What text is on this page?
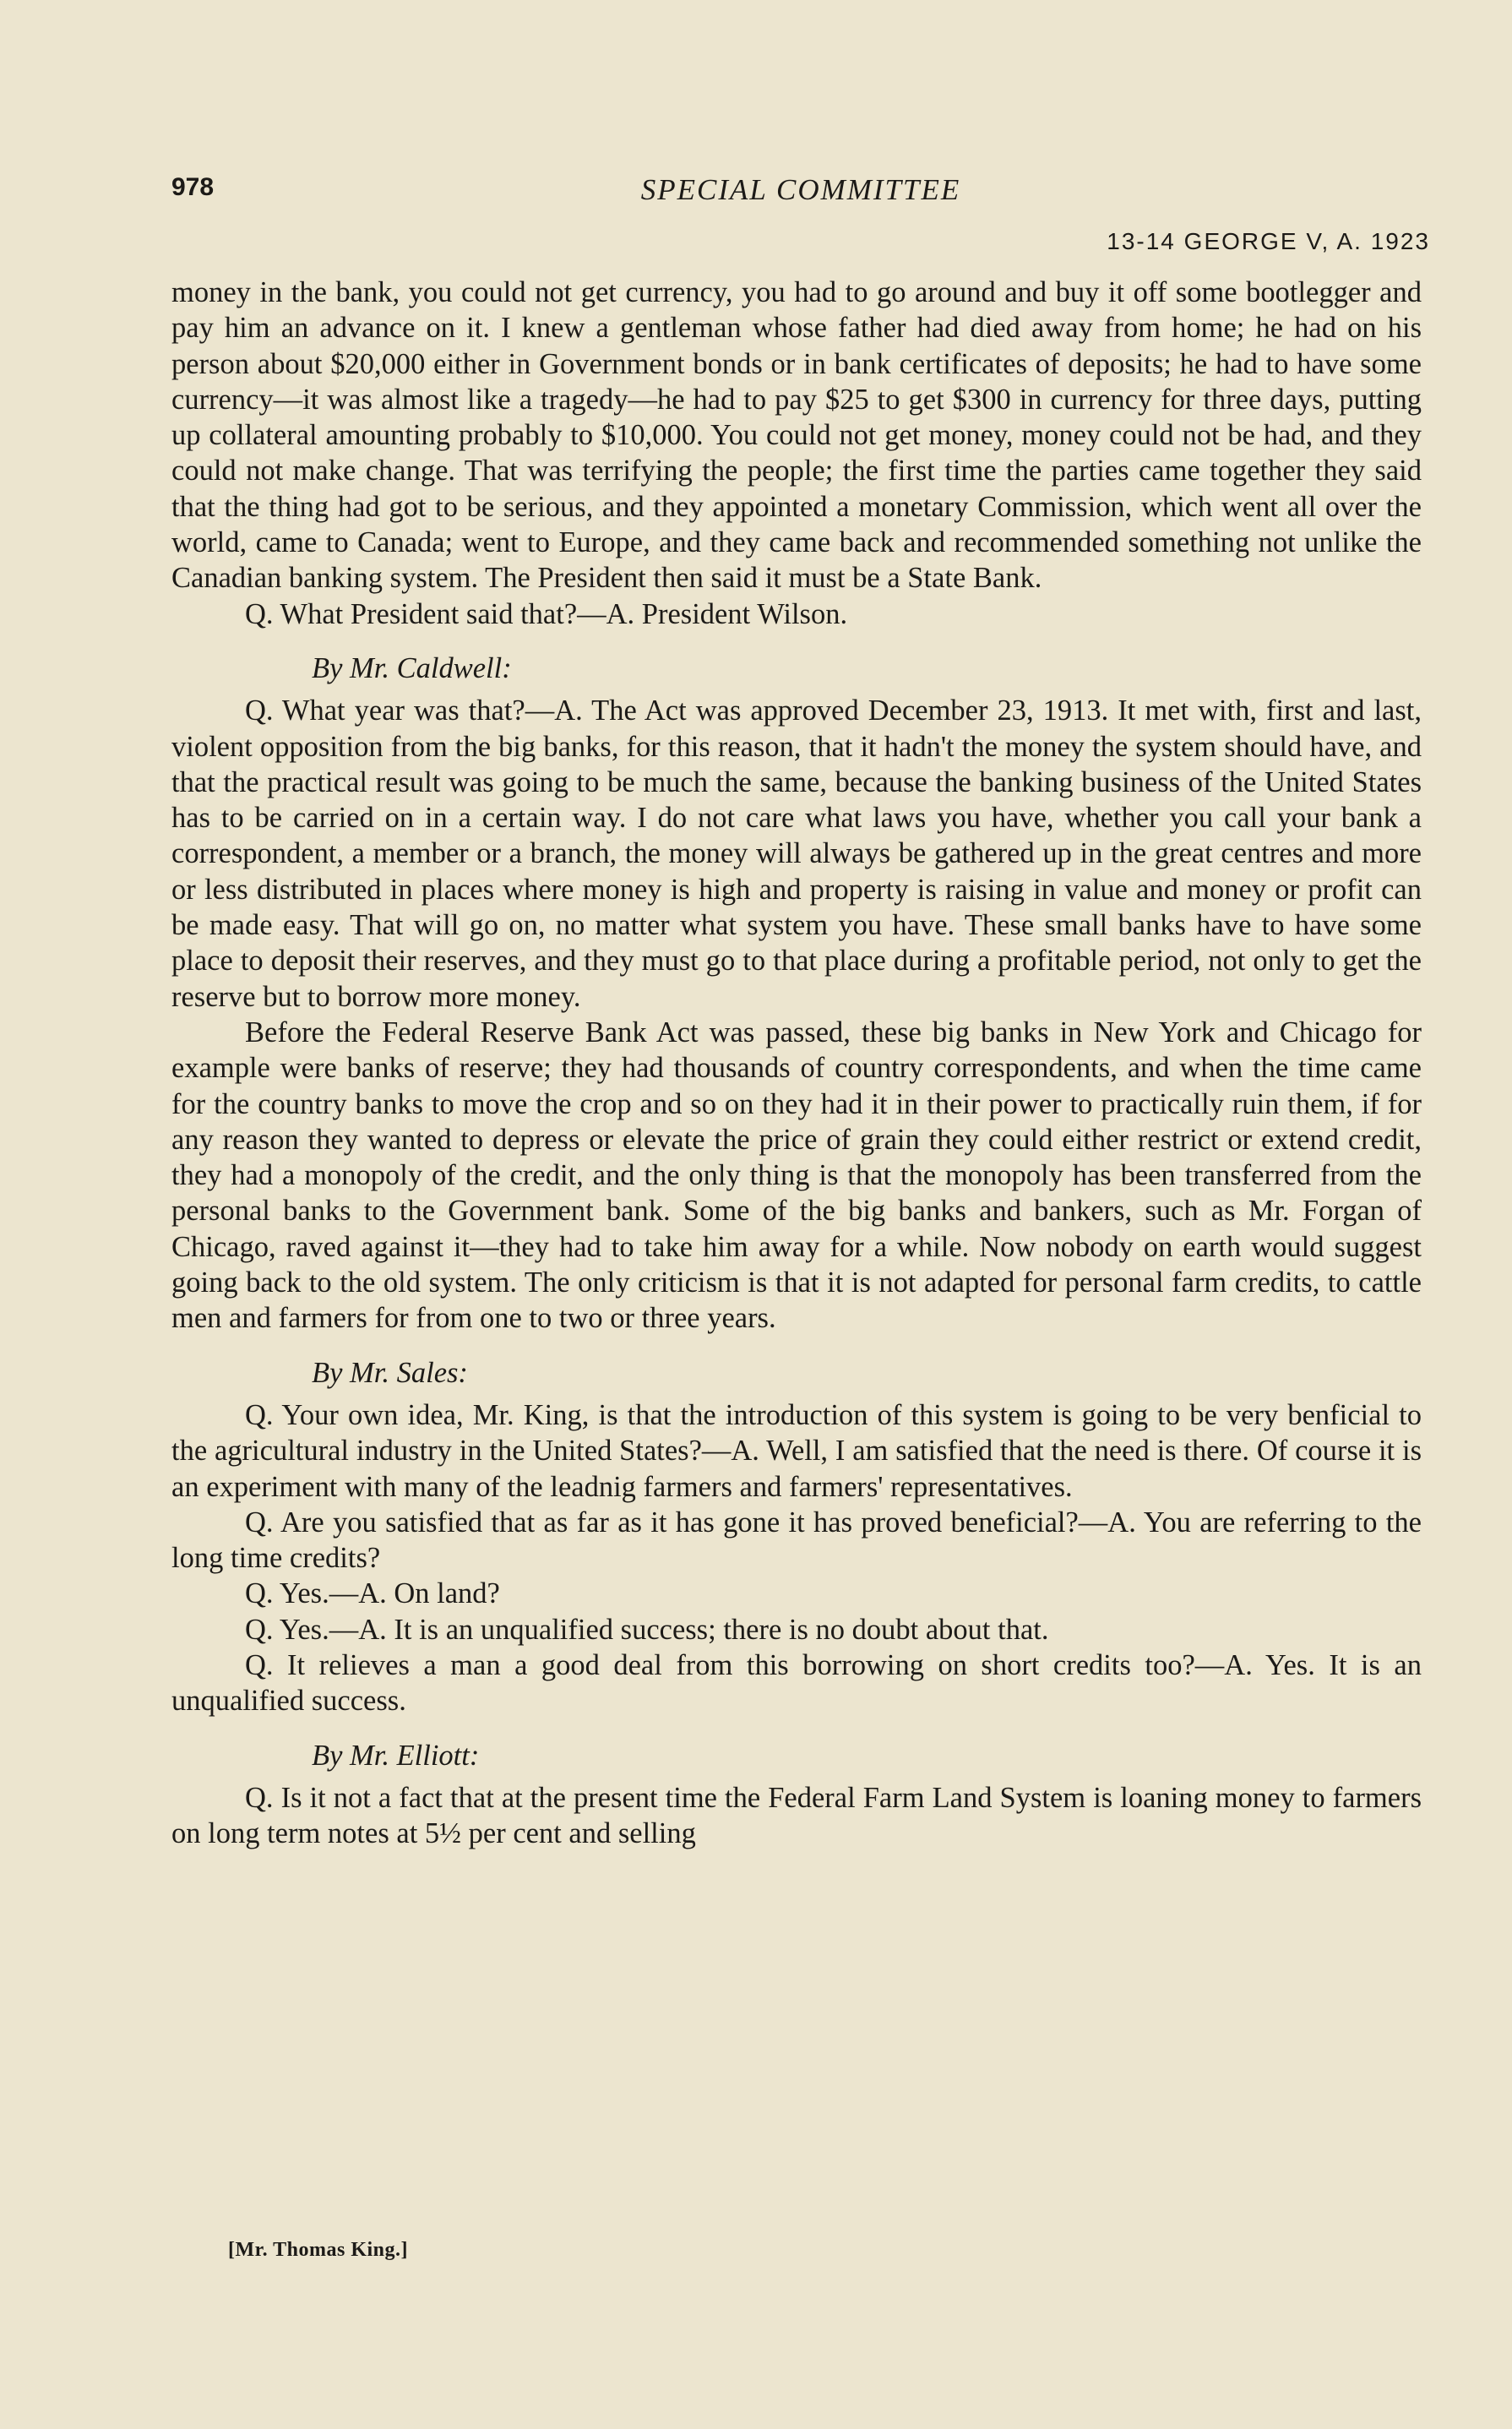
978	SPECIAL COMMITTEE
13-14 GEORGE V, A. 1923

money in the bank, you could not get currency, you had to go around and buy it off some bootlegger and pay him an advance on it. I knew a gentleman whose father had died away from home; he had on his person about $20,000 either in Government bonds or in bank certificates of deposits; he had to have some currency—it was almost like a tragedy—he had to pay $25 to get $300 in currency for three days, putting up collateral amounting probably to $10,000. You could not get money, money could not be had, and they could not make change. That was terrifying the people; the first time the parties came together they said that the thing had got to be serious, and they appointed a monetary Commission, which went all over the world, came to Canada; went to Europe, and they came back and recommended something not unlike the Canadian banking system. The President then said it must be a State Bank.

Q. What President said that?—A. President Wilson.

By Mr. Caldwell:

Q. What year was that?—A. The Act was approved December 23, 1913. It met with, first and last, violent opposition from the big banks, for this reason, that it hadn't the money the system should have, and that the practical result was going to be much the same, because the banking business of the United States has to be carried on in a certain way. I do not care what laws you have, whether you call your bank a correspondent, a member or a branch, the money will always be gathered up in the great centres and more or less distributed in places where money is high and property is raising in value and money or profit can be made easy. That will go on, no matter what system you have. These small banks have to have some place to deposit their reserves, and they must go to that place during a profitable period, not only to get the reserve but to borrow more money.

Before the Federal Reserve Bank Act was passed, these big banks in New York and Chicago for example were banks of reserve; they had thousands of country correspondents, and when the time came for the country banks to move the crop and so on they had it in their power to practically ruin them, if for any reason they wanted to depress or elevate the price of grain they could either restrict or extend credit, they had a monopoly of the credit, and the only thing is that the monopoly has been transferred from the personal banks to the Government bank. Some of the big banks and bankers, such as Mr. Forgan of Chicago, raved against it—they had to take him away for a while. Now nobody on earth would suggest going back to the old system. The only criticism is that it is not adapted for personal farm credits, to cattle men and farmers for from one to two or three years.

By Mr. Sales:

Q. Your own idea, Mr. King, is that the introduction of this system is going to be very benficial to the agricultural industry in the United States?—A. Well, I am satisfied that the need is there. Of course it is an experiment with many of the leadnig farmers and farmers' representatives.

Q. Are you satisfied that as far as it has gone it has proved beneficial?—A. You are referring to the long time credits?

Q. Yes.—A. On land?

Q. Yes.—A. It is an unqualified success; there is no doubt about that.

Q. It relieves a man a good deal from this borrowing on short credits too?—A. Yes. It is an unqualified success.

By Mr. Elliott:

Q. Is it not a fact that at the present time the Federal Farm Land System is loaning money to farmers on long term notes at 5½ per cent and selling

[Mr. Thomas King.]
